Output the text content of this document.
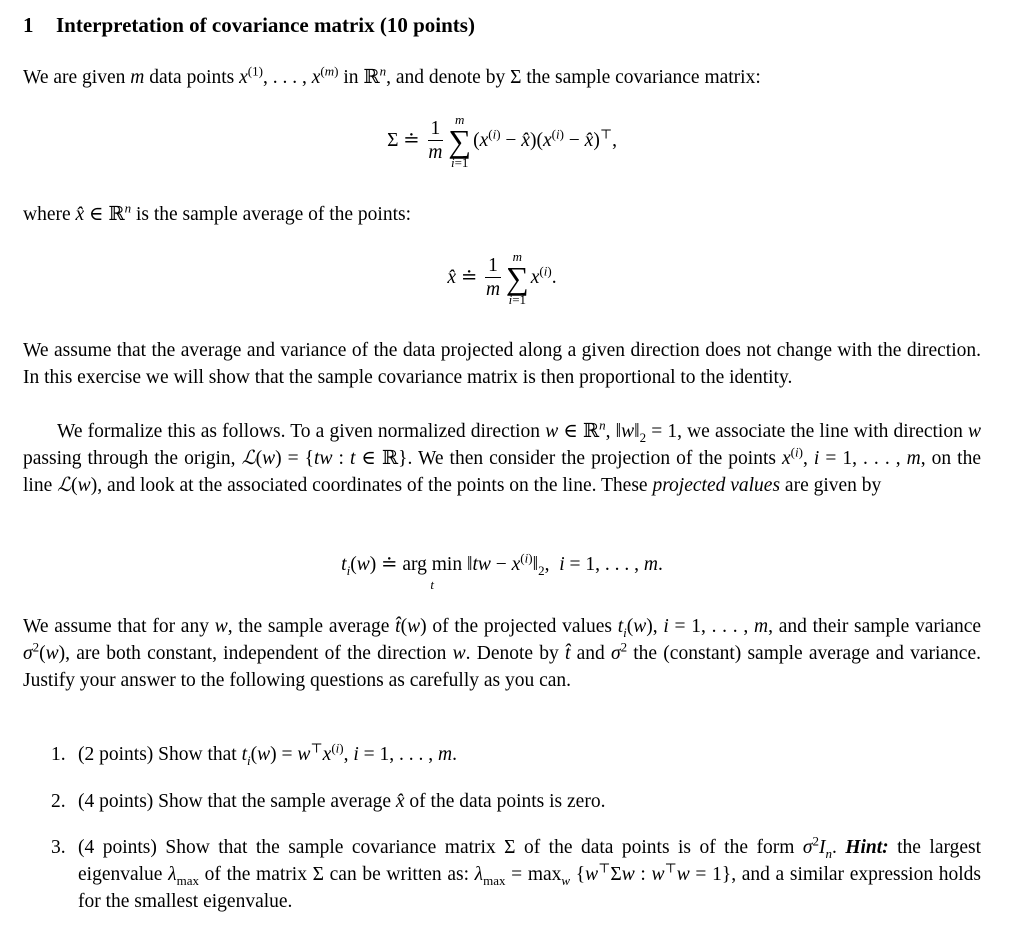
1 Interpretation of covariance matrix (10 points)
We are given m data points $x^{(1)}$, . . . , $x^{(m)}$ in ℝ$^n$, and denote by Σ the sample covariance matrix:
Σ ≐ $\frac{1}{m}$ m
∑
i=1
($x^{(i)}$ − $x̂)(x^{(i)}$ − x̂)⊤,
where x̂ ∈ ℝ$^n$ is the sample average of the points:
x̂ ≐ $\frac{1}{m}$ m
∑
i=1
$x^{(i)}$.
We assume that the average and variance of the data projected along a given direction does not change with the direction. In this exercise we will show that the sample covariance matrix is then proportional to the identity.
We formalize this as follows. To a given normalized direction w ∈ ℝ$^n$, $‖w‖_2 = 1$, we associate the line with direction w passing through the origin, ℒ(w) = {tw : t ∈ ℝ}. We then consider the projection of the points $x^{(i)}$, i = 1, . . . , m, on the line ℒ(w), and look at the associated coordinates of the points on the line. These projected values are given by
$t_i(w)$ ≐ arg min
t
‖tw − $x^{(i)}‖_2$,  i = 1, . . . , m.
We assume that for any w, the sample average t̂(w) of the projected values $t_i(w)$, i = 1, . . . , m, and their sample variance $\sigma^2(w)$, are both constant, independent of the direction w. Denote by t̂ and $\sigma^2$ the (constant) sample average and variance. Justify your answer to the following questions as carefully as you can.
1. (2 points) Show that $t_i(w) = w^⊤x^{(i)}$, i = 1, . . . , m.
2. (4 points) Show that the sample average x̂ of the data points is zero.
3. (4 points) Show that the sample covariance matrix Σ of the data points is of the form $\sigma^2I_n$. Hint: the largest eigenvalue $\lambda_{max}$ of the matrix Σ can be written as: $\lambda_{max} = \max_w \{w^⊤\Sigma w$ : w⊤w = 1}, and a similar expression holds for the smallest eigenvalue.
